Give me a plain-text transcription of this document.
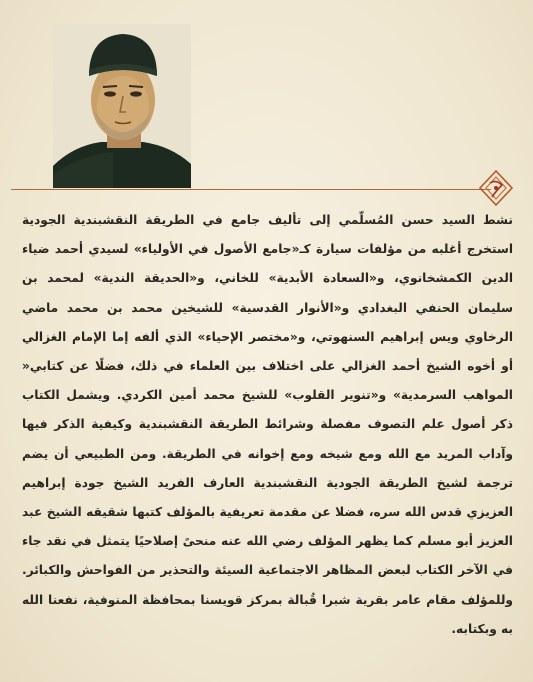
نشط السيد حسن المُسلّمي إلى تأليف جامع في الطريقة النقشبندية الجودية استخرج أغلبه من مؤلفات سيارة كـ«جامع الأصول في الأولياء» لسيدي أحمد ضياء الدين الكمشخانوي، و«السعادة الأبدية» للخاني، و«الحديقة الندية» لمحمد بن سليمان الحنفي البغدادي و«الأنوار القدسية» للشيخين محمد بن محمد ماضي الرخاوي ويس إبراهيم السنهوتي، و«مختصر الإحياء» الذي ألفه إما الإمام الغزالي أو أخوه الشيخ أحمد الغزالي على اختلاف بين العلماء في ذلك، فضلًا عن كتابي« المواهب السرمدية» و«تنوير القلوب» للشيخ محمد أمين الكردي. ويشمل الكتاب ذكر أصول علم التصوف مفصلة وشرائط الطريقة النقشبندية وكيفية الذكر فيها وآداب المريد مع الله ومع شيخه ومع إخوانه في الطريقة. ومن الطبيعي أن يضم ترجمة لشيخ الطريقة الجودية النقشبندية العارف الفريد الشيخ جودة إبراهيم العزيزي قدس الله سره، فضلا عن مقدمة تعريفية بالمؤلف كتبها شقيقه الشيخ عبد العزيز أبو مسلم كما يظهر المؤلف رضي الله عنه منحىً إصلاحيًا يتمثل في نقد جاء في الآخر الكتاب لبعض المظاهر الاجتماعية السيئة والتحذير من الفواحش والكبائر. وللمؤلف مقام عامر بقرية شبرا قُبالة بمركز قويسنا بمحافظة المنوفية، نفعنا الله به وبكتابه.
